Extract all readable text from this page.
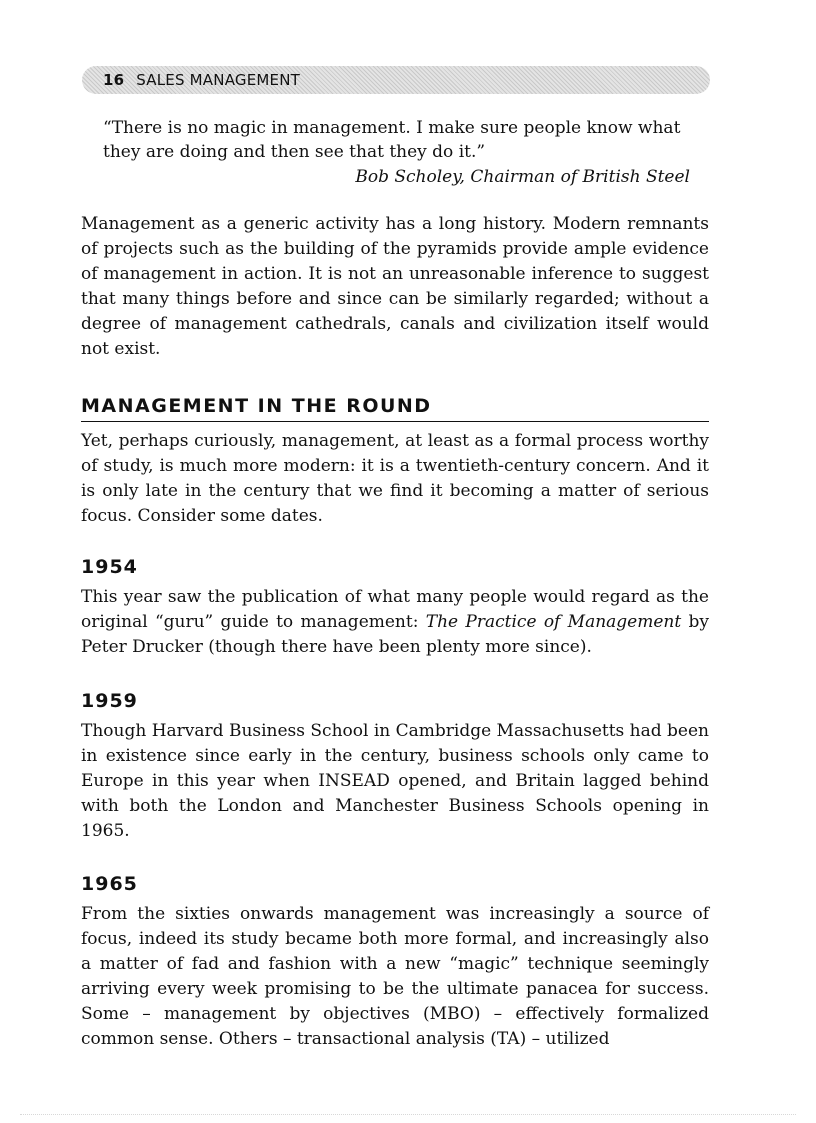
16 SALES MANAGEMENT
“There is no magic in management. I make sure people know what they are doing and then see that they do it.”
Bob Scholey, Chairman of British Steel

Management as a generic activity has a long history. Modern remnants of projects such as the building of the pyramids provide ample evidence of management in action. It is not an unreasonable inference to suggest that many things before and since can be similarly regarded; without a degree of management cathedrals, canals and civilization itself would not exist.

MANAGEMENT IN THE ROUND

Yet, perhaps curiously, management, at least as a formal process worthy of study, is much more modern: it is a twentieth-century concern. And it is only late in the century that we find it becoming a matter of serious focus. Consider some dates.

1954

This year saw the publication of what many people would regard as the original “guru” guide to management: The Practice of Management by Peter Drucker (though there have been plenty more since).

1959

Though Harvard Business School in Cambridge Massachusetts had been in existence since early in the century, business schools only came to Europe in this year when INSEAD opened, and Britain lagged behind with both the London and Manchester Business Schools opening in 1965.

1965

From the sixties onwards management was increasingly a source of focus, indeed its study became both more formal, and increasingly also a matter of fad and fashion with a new “magic” technique seemingly arriving every week promising to be the ultimate panacea for success. Some – management by objectives (MBO) – effectively formalized common sense. Others – transactional analysis (TA) – utilized
